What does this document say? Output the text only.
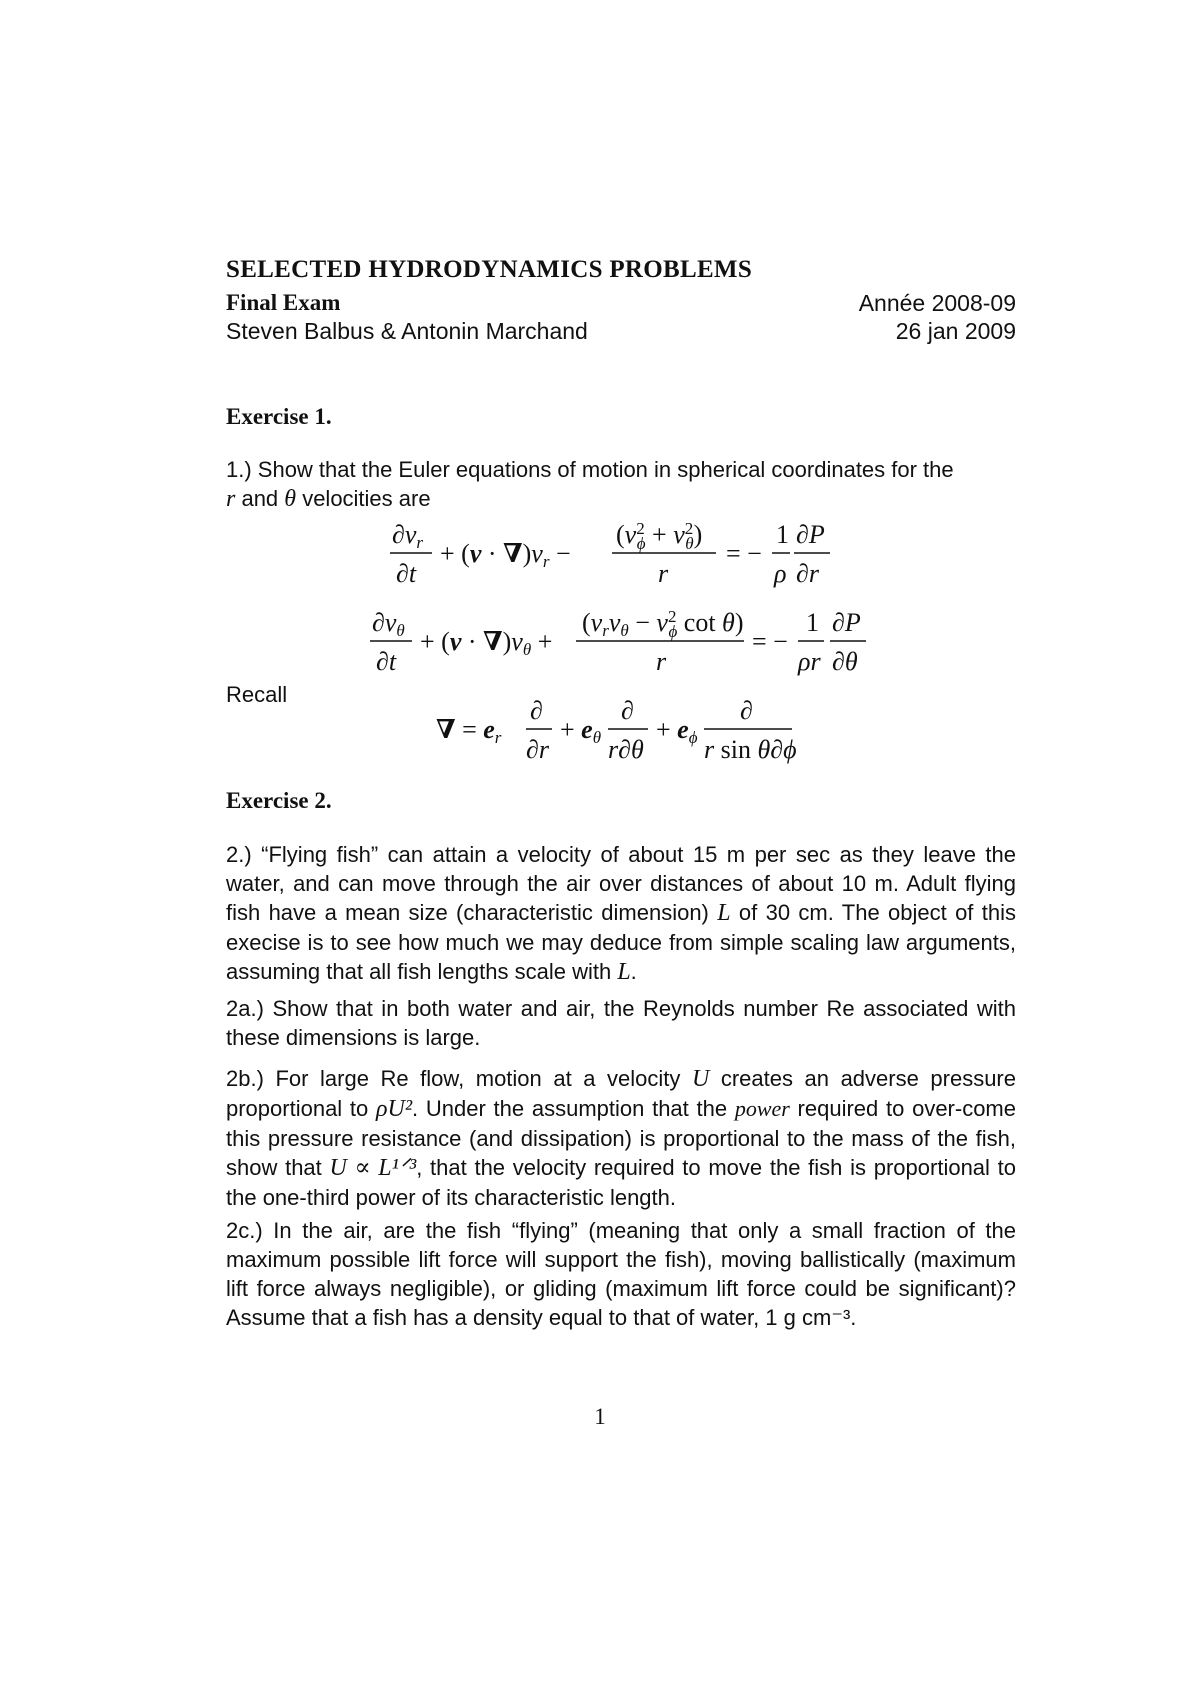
SELECTED HYDRODYNAMICS PROBLEMS
Final Exam	Année 2008-09
Steven Balbus & Antonin Marchand	26 jan 2009
Exercise 1.

1.) Show that the Euler equations of motion in spherical coordinates for the

r and θ velocities are

∂vr
∂t
+ (v · ∇)vr −
($v^2$ $\phi + v^2$ θ)
r
= −
1
ρ
∂P
∂r
∂vθ
∂t
+ (v · ∇)vθ +
($vrv\theta - v^2$ ϕ cot θ)
r
= −
1
ρr
∂P
∂θ
Recall
∇ = er
∂
∂r
+ eθ
∂
r∂θ
+ eϕ
∂
r sin θ∂ϕ
Exercise 2.

2.) “Flying fish” can attain a velocity of about 15 m per sec as they leave the water, and can move through the air over distances of about 10 m. Adult flying fish have a mean size (characteristic dimension) L of 30 cm. The object of this execise is to see how much we may deduce from simple scaling law arguments, assuming that all fish lengths scale with L.

2a.) Show that in both water and air, the Reynolds number Re associated with these dimensions is large.

2b.) For large Re flow, motion at a velocity U creates an adverse pressure proportional to ρU². Under the assumption that the power required to over-come this pressure resistance (and dissipation) is proportional to the mass of the fish, show that U ∝ L¹ᐟ³, that the velocity required to move the fish is proportional to the one-third power of its characteristic length.

2c.) In the air, are the fish “flying” (meaning that only a small fraction of the maximum possible lift force will support the fish), moving ballistically (maximum lift force always negligible), or gliding (maximum lift force could be significant)? Assume that a fish has a density equal to that of water, 1 g cm⁻³.

1
